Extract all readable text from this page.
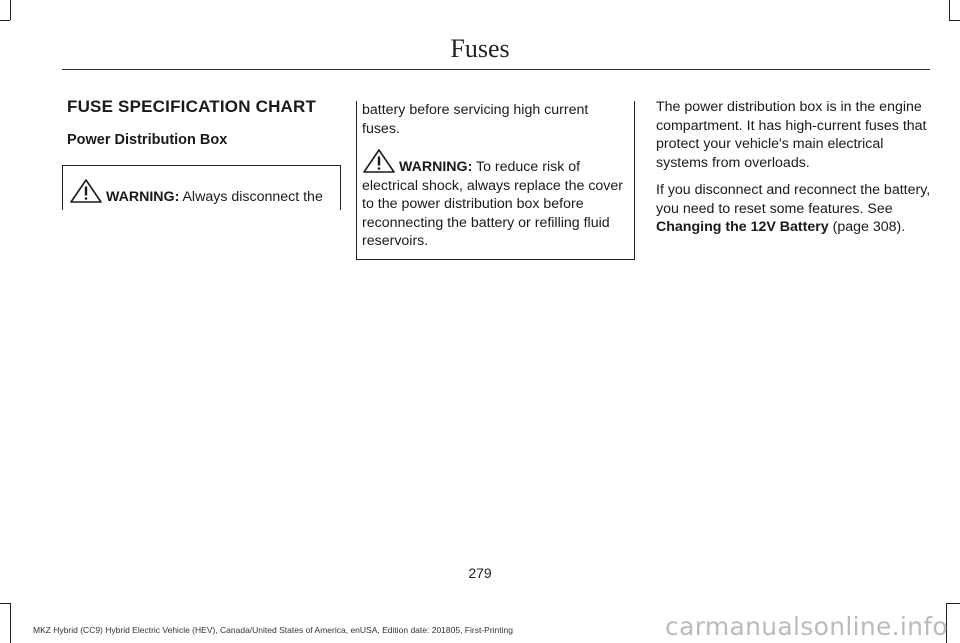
Fuses
FUSE SPECIFICATION CHART
Power Distribution Box
WARNING: Always disconnect the
battery before servicing high current fuses.
WARNING: To reduce risk of electrical shock, always replace the cover to the power distribution box before reconnecting the battery or refilling fluid reservoirs.

The power distribution box is in the engine compartment. It has high-current fuses that protect your vehicle's main electrical systems from overloads.

If you disconnect and reconnect the battery, you need to reset some features. See Changing the 12V Battery (page 308).

279
MKZ Hybrid (CC9) Hybrid Electric Vehicle (HEV), Canada/United States of America, enUSA, Edition date: 201805, First-Printing	carmanualsonline.info
